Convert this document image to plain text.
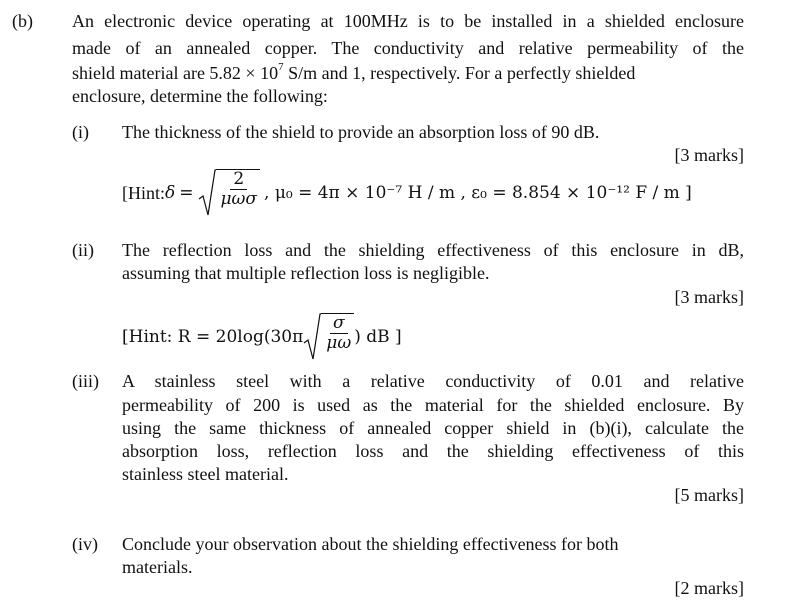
(b) An electronic device operating at 100MHz is to be installed in a shielded enclosure
made of an annealed copper. The conductivity and relative permeability of the
shield material are $5.82 \times 10^7$ S/m and 1, respectively. For a perfectly shielded
enclosure, determine the following:
(i) The thickness of the shield to provide an absorption loss of 90 dB.
[3 marks]
[Hint: $\delta = \frac{2}{\text{μωσ}}$ , μ₀ = 4π × 10⁻⁷ H / m , ε₀ = 8.854 × 10⁻¹² F / m ]
(ii) The reflection loss and the shielding effectiveness of this enclosure in dB,
assuming that multiple reflection loss is negligible.
[3 marks]
[Hint: $R = 20\log(30\pi \frac{\sigma}{\mu\omega}$ ) dB ]
(iii) A stainless steel with a relative conductivity of 0.01 and relative
permeability of 200 is used as the material for the shielded enclosure. By
using the same thickness of annealed copper shield in (b)(i), calculate the
absorption loss, reflection loss and the shielding effectiveness of this
stainless steel material.
[5 marks]
(iv) Conclude your observation about the shielding effectiveness for both
materials.
[2 marks]
